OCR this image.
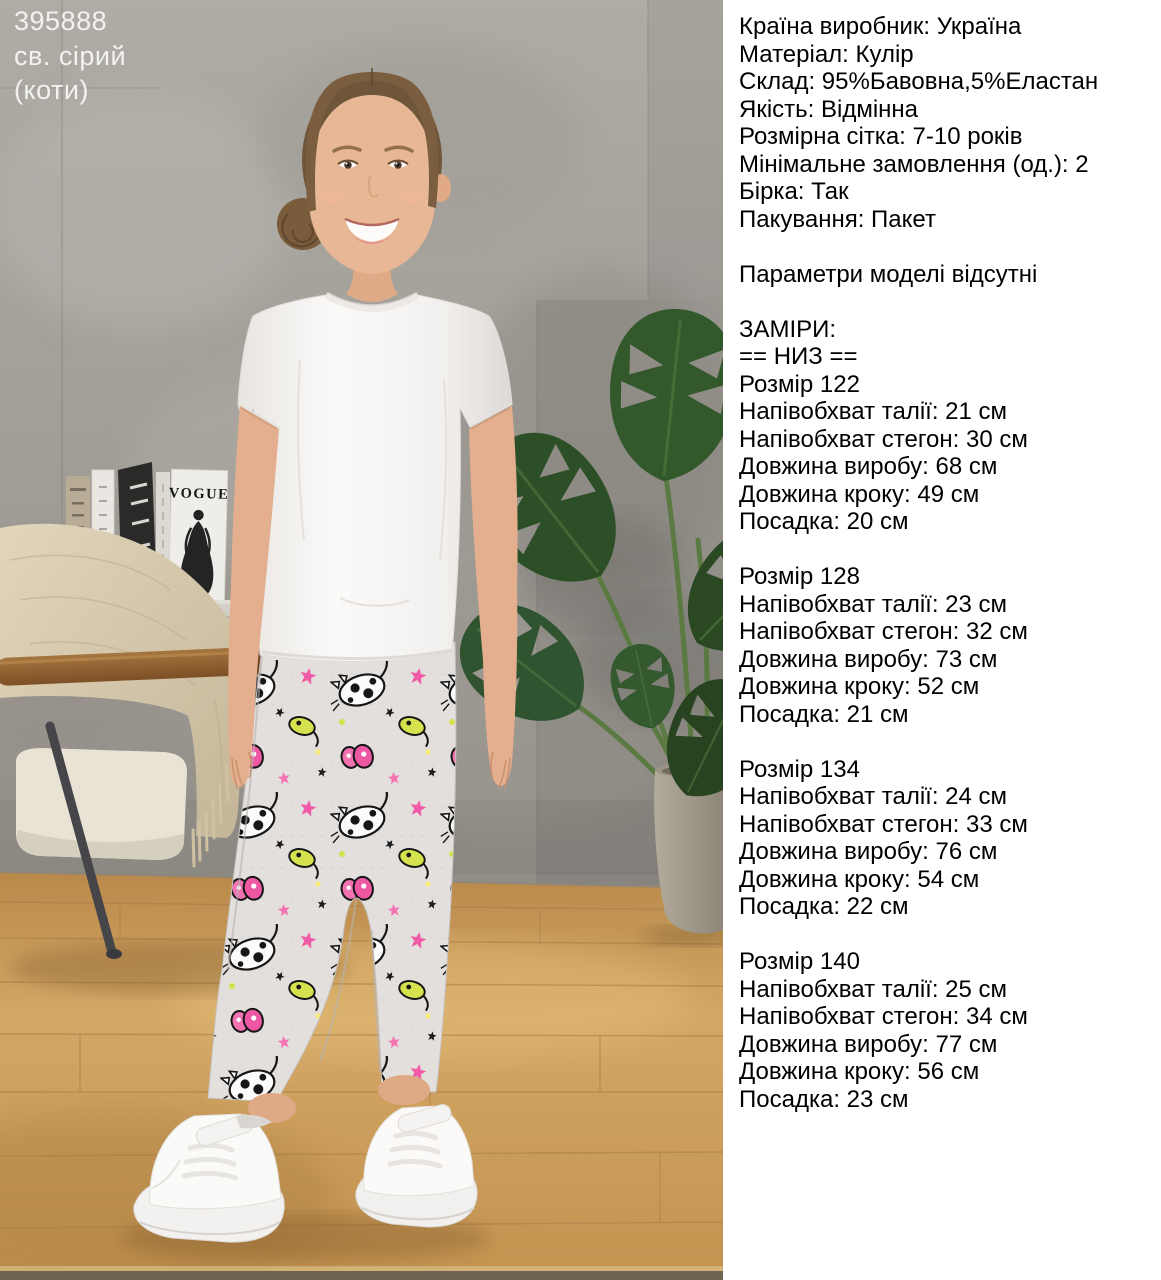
VOGUE
395888
св. сірий
(коти)
Країна виробник: Україна
Матеріал: Кулір
Склад: 95%Бавовна,5%Еластан
Якість: Відмінна
Розмірна сітка: 7-10 років
Мінімальне замовлення (од.): 2
Бірка: Так
Пакування: Пакет
Параметри моделі відсутні
ЗАМІРИ:
== НИЗ ==
Розмір 122
Напівобхват талії: 21 см
Напівобхват стегон: 30 см
Довжина виробу: 68 см
Довжина кроку: 49 см
Посадка: 20 см
Розмір 128
Напівобхват талії: 23 см
Напівобхват стегон: 32 см
Довжина виробу: 73 см
Довжина кроку: 52 см
Посадка: 21 см
Розмір 134
Напівобхват талії: 24 см
Напівобхват стегон: 33 см
Довжина виробу: 76 см
Довжина кроку: 54 см
Посадка: 22 см
Розмір 140
Напівобхват талії: 25 см
Напівобхват стегон: 34 см
Довжина виробу: 77 см
Довжина кроку: 56 см
Посадка: 23 см
